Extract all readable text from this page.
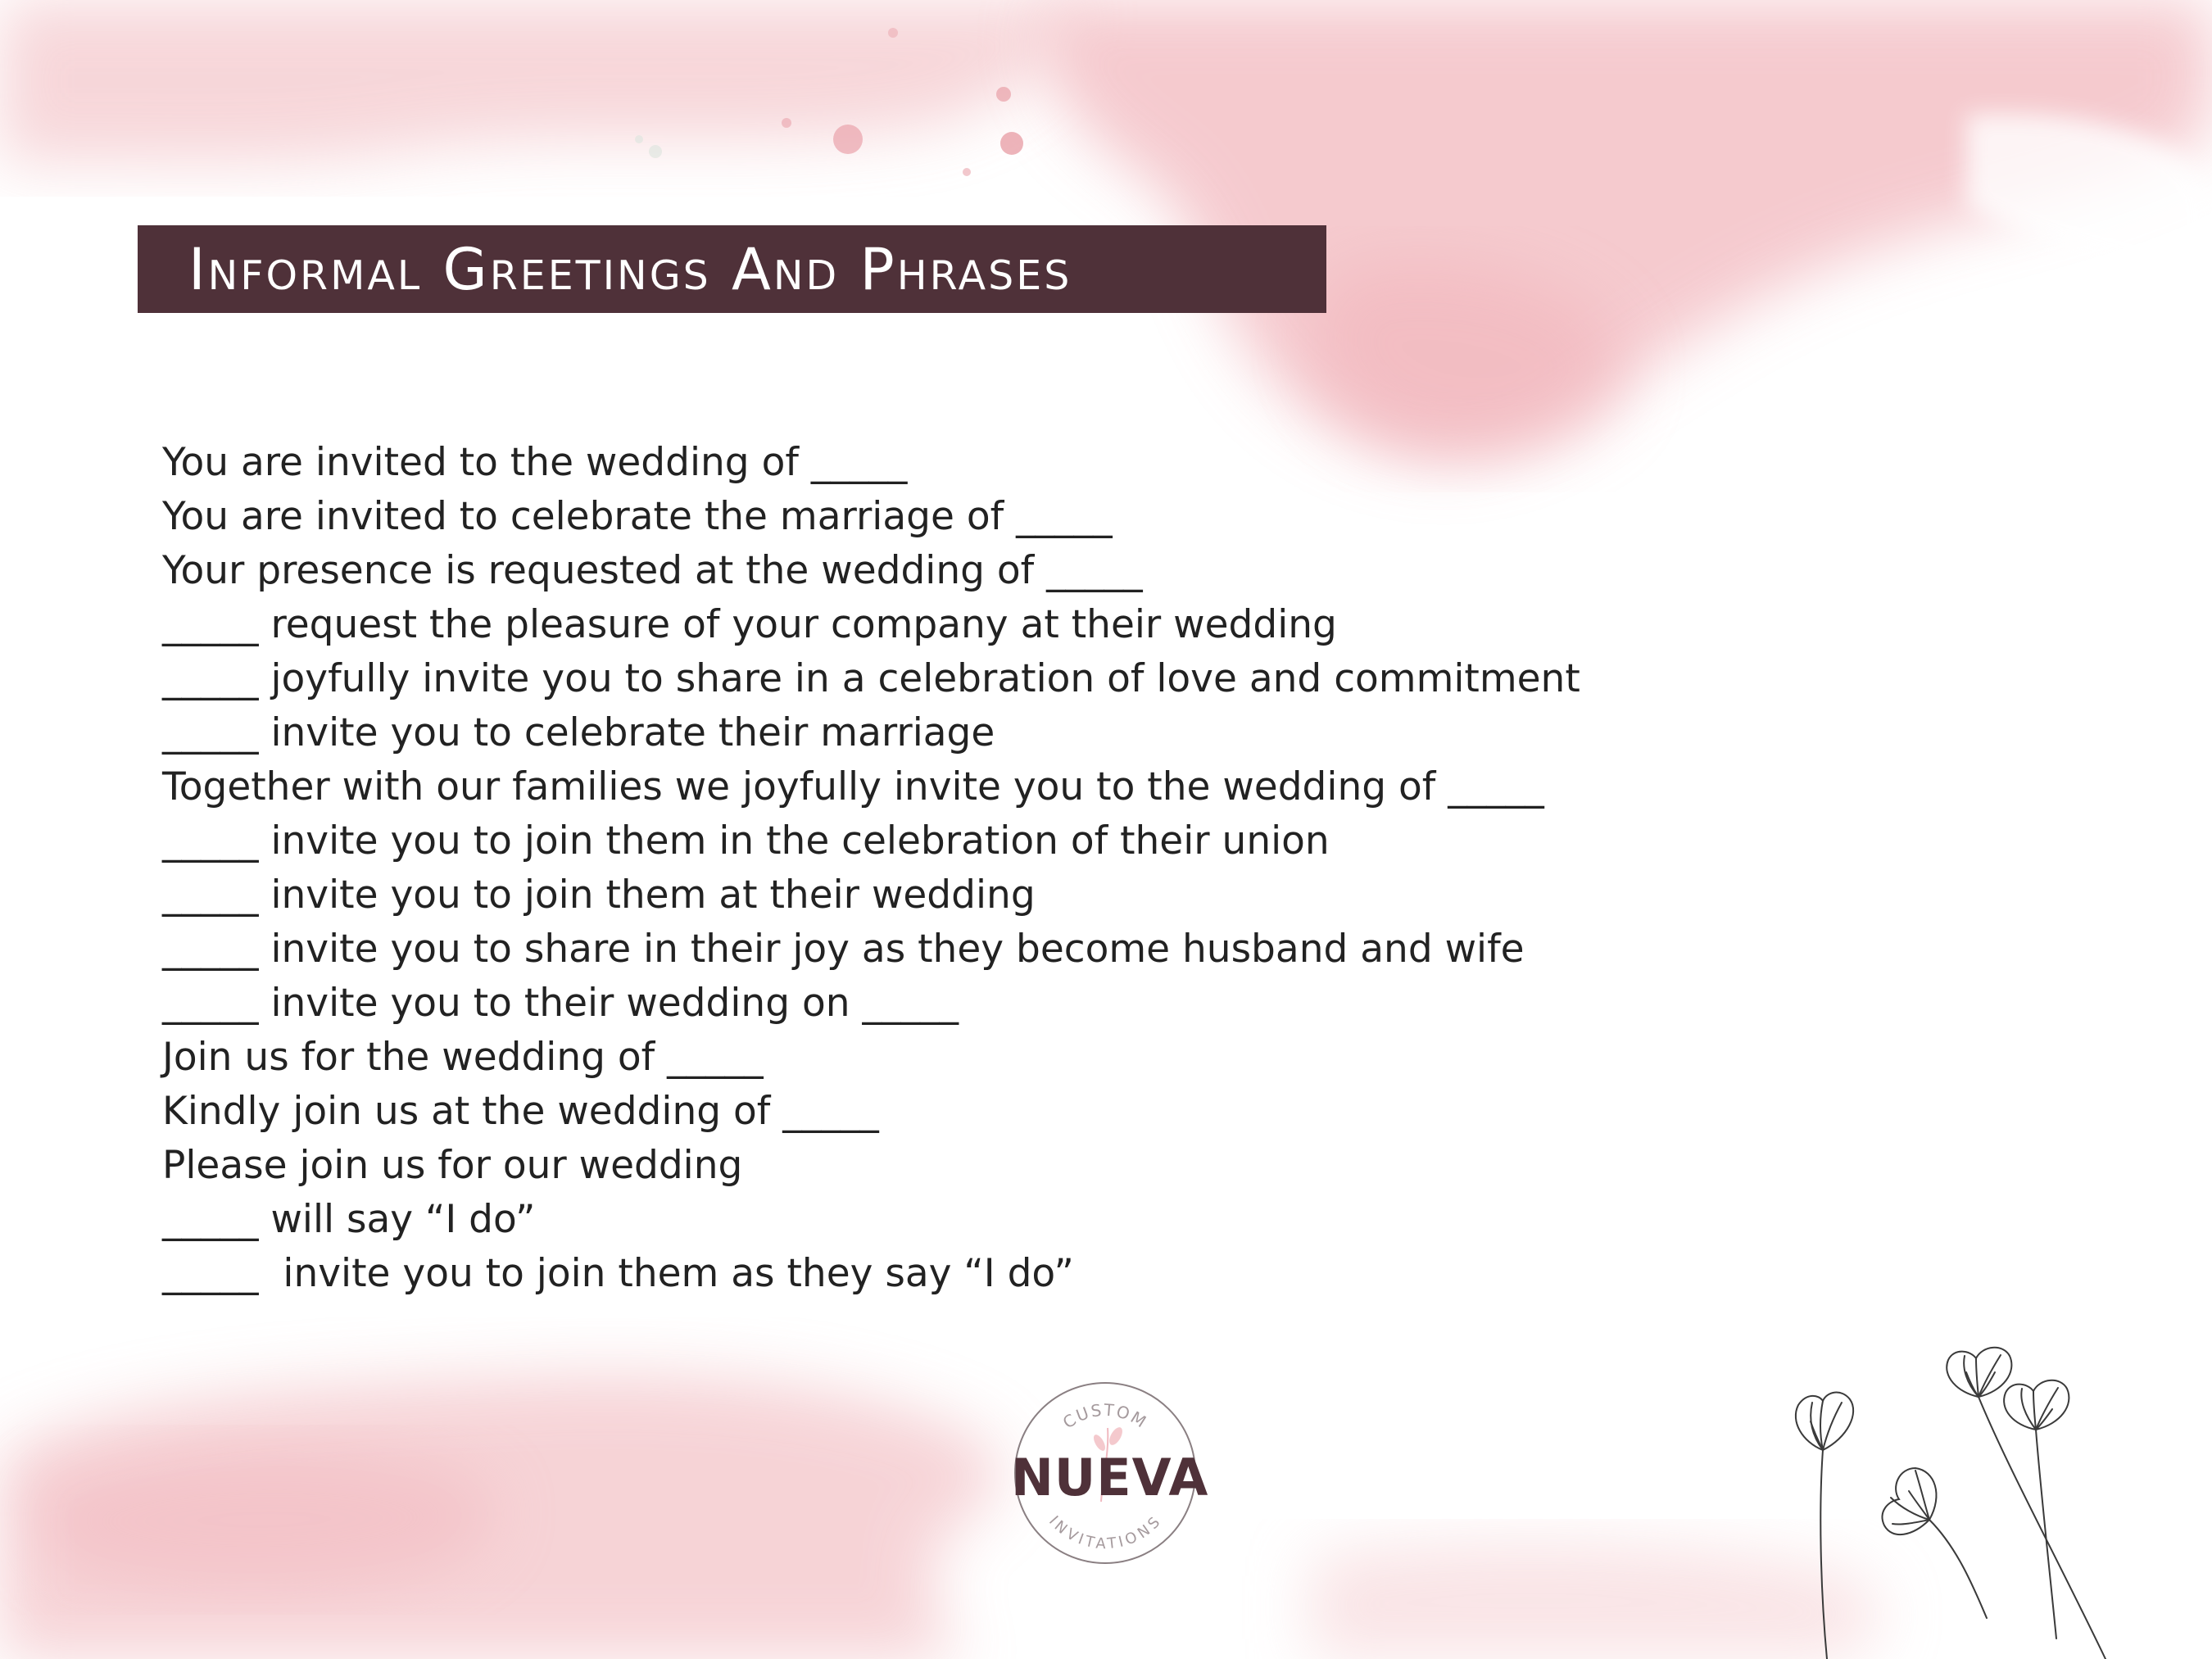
Informal Greetings And Phrases
You are invited to the wedding of _____
You are invited to celebrate the marriage of _____
Your presence is requested at the wedding of _____
_____ request the pleasure of your company at their wedding
_____ joyfully invite you to share in a celebration of love and commitment
_____ invite you to celebrate their marriage
Together with our families we joyfully invite you to the wedding of _____
_____ invite you to join them in the celebration of their union
_____ invite you to join them at their wedding
_____ invite you to share in their joy as they become husband and wife
_____ invite you to their wedding on _____
Join us for the wedding of _____
Kindly join us at the wedding of _____
Please join us for our wedding
_____ will say “I do”
_____  invite you to join them as they say “I do”
CUSTOM
INVITATIONS
NUEVA
